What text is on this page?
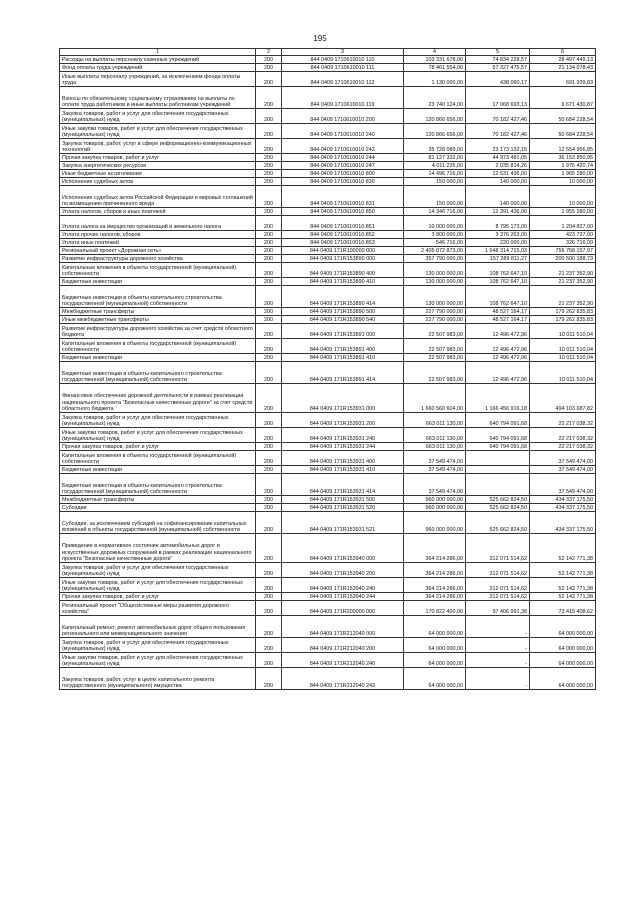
195
1	2	3	4	5	6
Расходы на выплаты персоналу казенных учреждений	200	844 0409 1710610010 110	103 331 678,00	74 834 228,57	28 497 449,13
Фонд оплаты труда учреждений	200	844 0409 1710610010 111	78 461 554,00	57 327 475,57	21 134 078,43
Иные выплаты персоналу учреждений, за исключением фонда оплаты труда	200	844 0409 1710610010 112	1 130 000,00	438 060,17	691 939,83
Взносы по обязательному социальному страхованию на выплаты по оплате труда работников и иные выплаты работникам учреждений	200	844 0409 1710610010 119	23 740 124,00	17 068 693,13	6 671 430,87
Закупка товаров, работ и услуг для обеспечения государственных (муниципальных) нужд	200	844 0409 1710610010 200	120 866 656,00	70 182 427,46	50 684 228,54
Иные закупки товаров, работ и услуг для обеспечения государственных (муниципальных) нужд	200	844 0409 1710610010 240	120 866 656,00	70 182 427,46	50 684 228,54
Закупка товаров, работ, услуг в сфере информационно-коммуникационных технологий	200	844 0409 1710610010 242	35 728 089,00	23 173 132,15	12 554 956,85
Прочая закупка товаров, работ и услуг	200	844 0409 1710610010 244	81 127 332,00	44 973 481,05	36 153 850,95
Закупка энергетических ресурсов	200	844 0409 1710610010 247	4 011 235,00	2 035 814,26	1 975 420,74
Иные бюджетные ассигнования	200	844 0409 1710610010 800	14 496 716,00	12 531 436,00	1 965 280,00
Исполнение судебных актов	200	844 0409 1710610010 830	150 000,00	140 000,00	10 000,00
Исполнение судебных актов Российской Федерации и мировых соглашений по возмещению причиненного вреда	200	844 0409 1710610010 831	150 000,00	140 000,00	10 000,00
Уплата налогов, сборов и иных платежей	200	844 0409 1710610010 850	14 346 716,00	12 391 436,00	1 955 280,00
Уплата налога на имущество организаций и земельного налога	200	844 0409 1710610010 851	10 000 000,00	8 795 173,00	1 204 827,00
Уплата прочих налогов, сборов	200	844 0409 1710610010 852	3 800 000,00	3 376 263,00	423 737,00
Уплата иных платежей	200	844 0409 1710610010 853	546 716,00	220 000,00	326 716,00
Региональный проект «Дорожная сеть»	200	844 0409 171R100000 000	2 405 072 873,00	1 648 314 715,03	756 758 157,97
Развитие инфраструктуры дорожного хозяйства	200	844 0409 171R153890 000	357 790 000,00	157 289 811,27	200 500 188,73
Капитальные вложения в объекты государственной (муниципальной) собственности	200	844 0409 171R153890 400	130 000 000,00	108 762 647,10	21 237 352,90
Бюджетные инвестиции	200	844 0409 171R153890 410	130 000 000,00	108 762 647,10	21 237 352,90
Бюджетные инвестиции в объекты капитального строительства государственной (муниципальной) собственности	200	844 0409 171R153890 414	130 000 000,00	108 762 647,10	21 237 352,90
Межбюджетные трансферты	200	844 0409 171R153890 500	227 790 000,00	48 527 164,17	179 262 835,83
Иные межбюджетные трансферты	200	844 0409 171R153890 540	227 790 000,00	48 527 164,17	179 262 835,83
Развитие инфраструктуры дорожного хозяйства за счет средств областного бюджета	200	844 0409 171R153891 000	22 507 983,00	12 496 472,96	10 011 510,04
Капитальные вложения в объекты государственной (муниципальной) собственности	200	844 0409 171R153891 400	22 507 983,00	12 496 472,96	10 011 510,04
Бюджетные инвестиции	200	844 0409 171R153891 410	22 507 983,00	12 496 472,96	10 011 510,04
Бюджетные инвестиции в объекты капитального строительства государственной (муниципальной) собственности	200	844 0409 171R153891 414	22 507 983,00	12 496 472,96	10 011 510,04
Финансовое обеспечение дорожной деятельности в рамках реализации национального проекта "Безопасные качественные дороги" за счет средств областного бюджета	200	844 0409 171R153931 000	1 660 560 604,00	1 166 456 916,18	494 103 687,82
Закупка товаров, работ и услуг для обеспечения государственных (муниципальных) нужд	200	844 0409 171R153931 200	663 011 130,00	640 794 091,68	22 217 038,32
Иные закупки товаров, работ и услуг для обеспечения государственных (муниципальных) нужд	200	844 0409 171R153931 240	663 011 130,00	640 794 091,68	22 217 038,32
Прочая закупка товаров, работ и услуг	200	844 0409 171R153931 244	663 011 130,00	640 794 091,68	22 217 038,32
Капитальные вложения в объекты государственной (муниципальной) собственности	200	844 0409 171R153931 400	37 549 474,00		37 549 474,00
Бюджетные инвестиции	200	844 0409 171R153931 410	37 549 474,00		37 549 474,00
Бюджетные инвестиции в объекты капитального строительства государственной (муниципальной) собственности	200	844 0409 171R153931 414	37 549 474,00		37 549 474,00
Межбюджетные трансферты	200	844 0409 171R153931 500	960 000 000,00	525 662 824,50	434 337 175,50
Субсидии	200	844 0409 171R153931 520	960 000 000,00	525 662 824,50	434 337 175,50
Субсидии, за исключением субсидий на софинансирование капитальных вложений в объекты государственной (муниципальной) собственности	200	844 0409 171R153931 521	960 000 000,00	525 662 824,50	434 337 175,50
Приведение в нормативное состояние автомобильных дорог и искусственных дорожных сооружений в рамках реализации национального проекта "Безопасные качественные дороги"	200	844 0409 171R153940 000	364 214 286,00	312 071 514,62	52 142 771,38
Закупка товаров, работ и услуг для обеспечения государственных (муниципальных) нужд	200	844 0409 171R153940 200	364 214 286,00	312 071 514,62	52 142 771,38
Иные закупки товаров, работ и услуг для обеспечения государственных (муниципальных) нужд	200	844 0409 171R153940 240	364 214 286,00	312 071 514,62	52 142 771,38
Прочая закупка товаров, работ и услуг	200	844 0409 171R153940 244	364 214 286,00	312 071 514,62	52 142 771,38
Региональный проект "Общесистемные меры развития дорожного хозяйства"	200	844 0409 171R200000 000	170 822 400,00	97 406 991,38	73 415 408,62
Капитальный ремонт, ремонт автомобильных дорог общего пользования регионального или межмуниципального значения	200	844 0409 171R212040 000	64 000 000,00	-	64 000 000,00
Закупка товаров, работ и услуг для обеспечения государственных (муниципальных) нужд	200	844 0409 171R212040 200	64 000 000,00	-	64 000 000,00
Иные закупки товаров, работ и услуг для обеспечения государственных (муниципальных) нужд	200	844 0409 171R212040 240	64 000 000,00	-	64 000 000,00
Закупка товаров, работ, услуг в целях капитального ремонта государственного (муниципального) имущества	200	844 0409 171R212040 243	64 000 000,00	-	64 000 000,00
